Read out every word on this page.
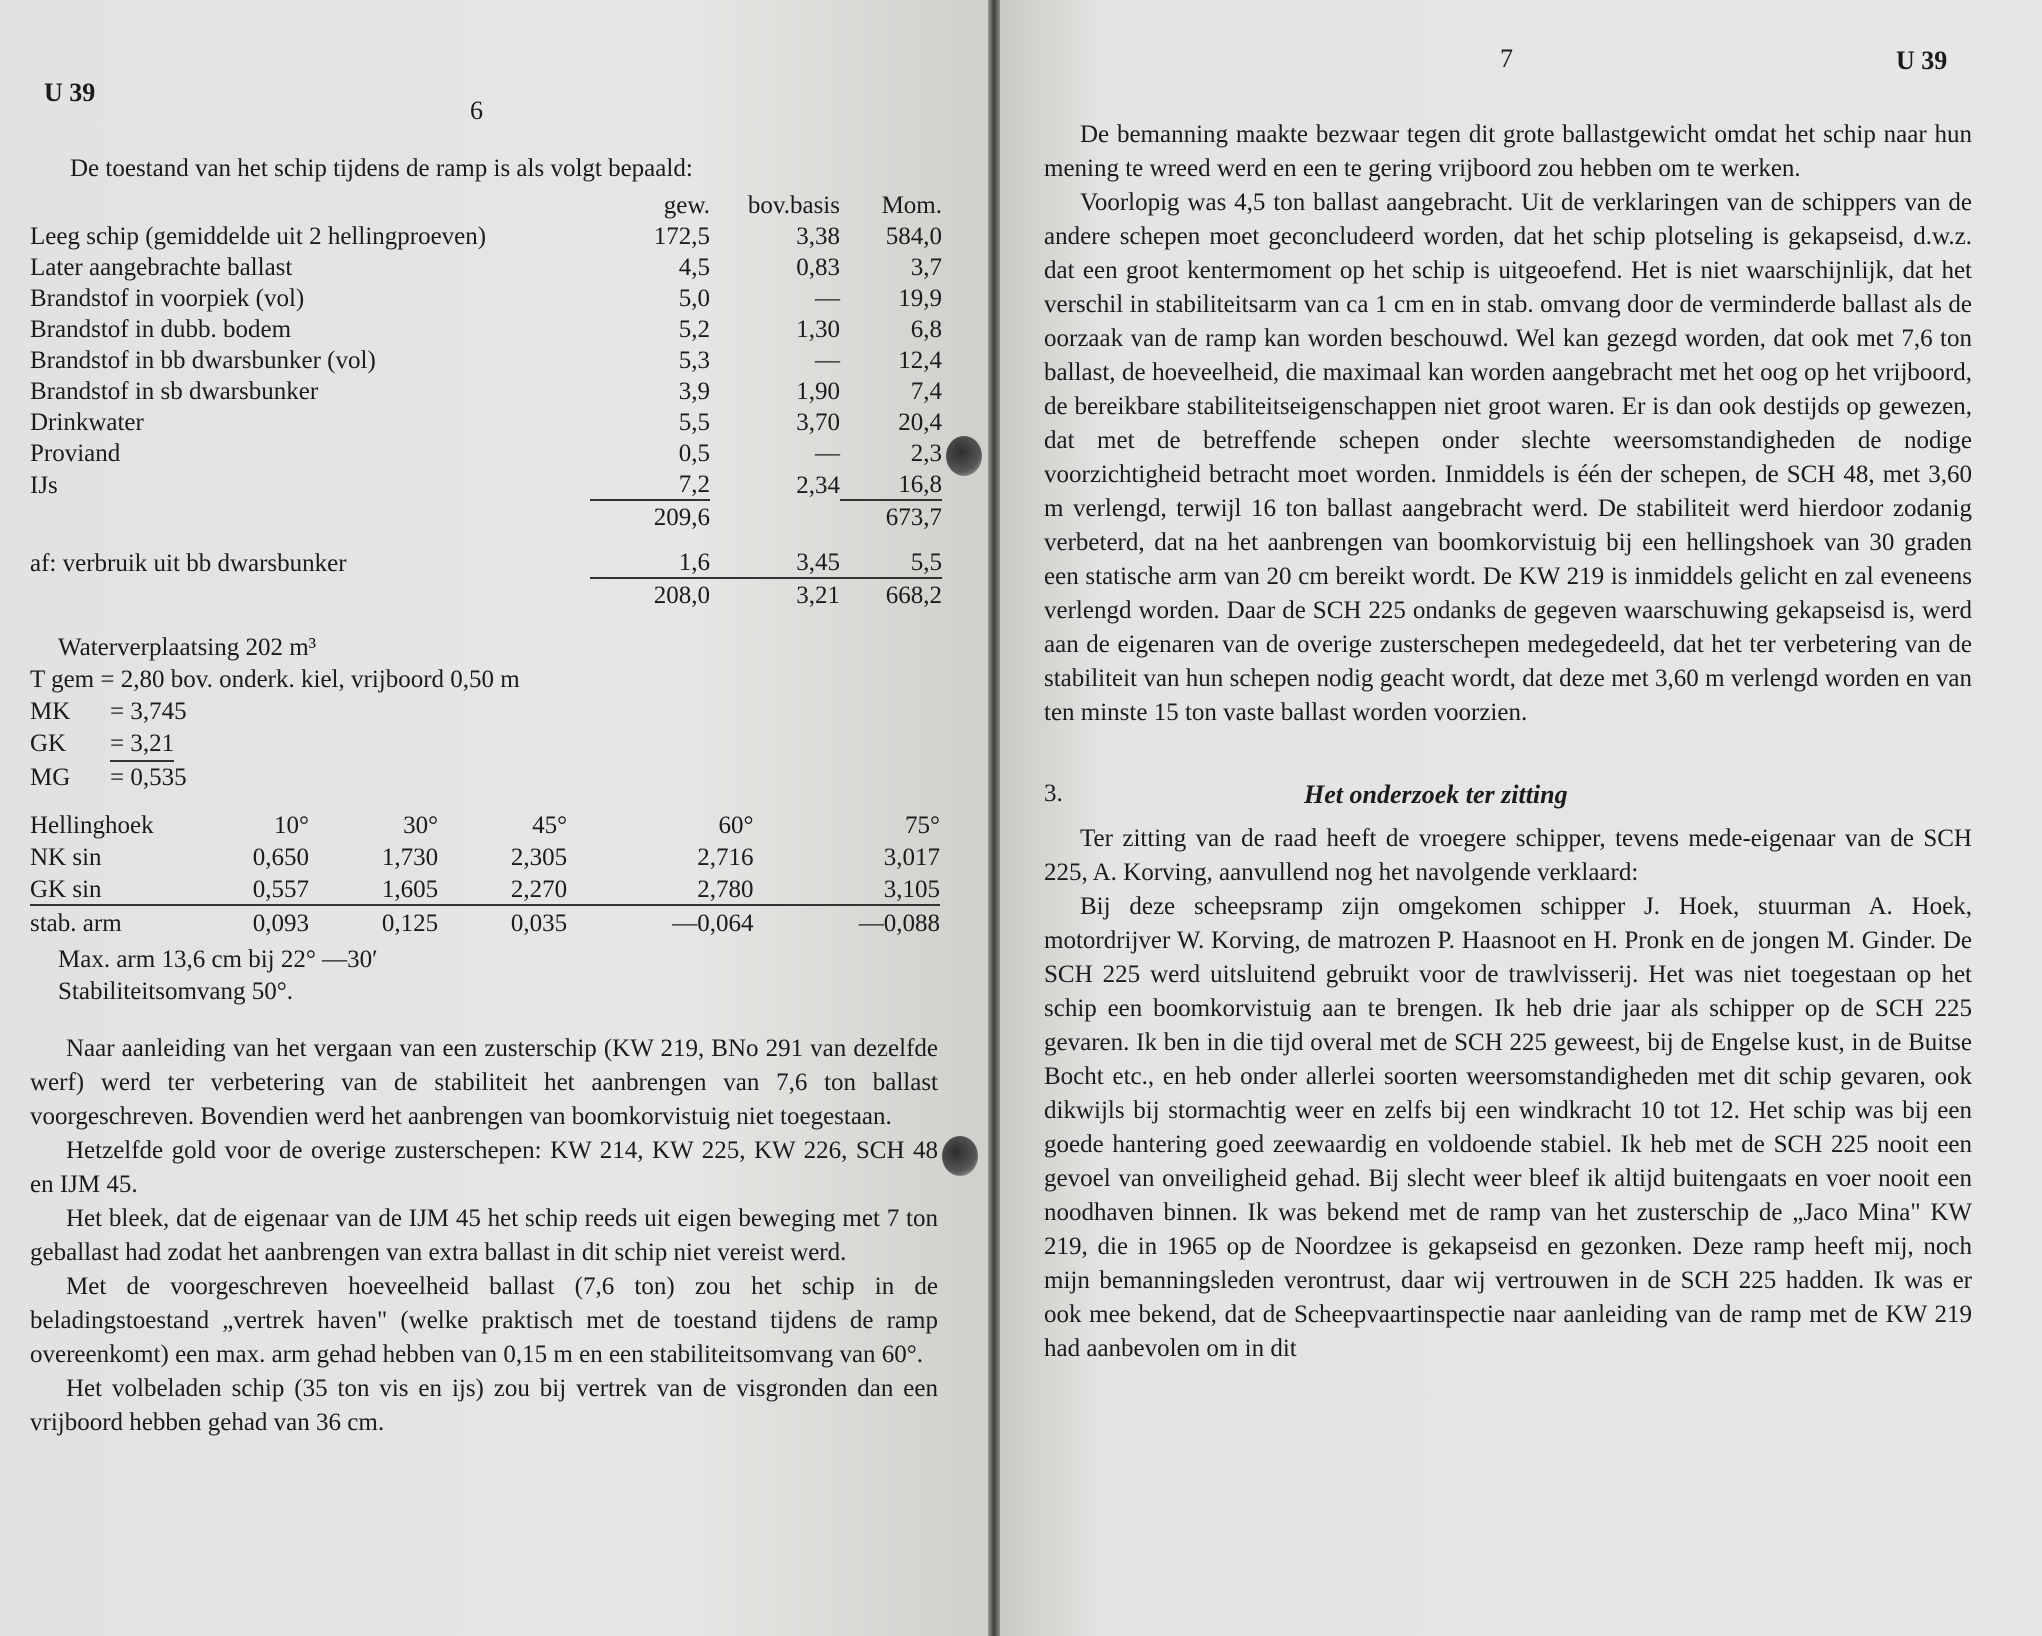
U 39
6

De toestand van het schip tijdens de ramp is als volgt bepaald:

	gew.	bov.basis	Mom.
Leeg schip (gemiddelde uit 2 hellingproeven)	172,5	3,38	584,0
Later aangebrachte ballast	4,5	0,83	3,7
Brandstof in voorpiek (vol)	5,0	—	19,9
Brandstof in dubb. bodem	5,2	1,30	6,8
Brandstof in bb dwarsbunker (vol)	5,3	—	12,4
Brandstof in sb dwarsbunker	3,9	1,90	7,4
Drinkwater	5,5	3,70	20,4
Proviand	0,5	—	2,3
IJs	7,2	2,34	16,8
	209,6		673,7
af: verbruik uit bb dwarsbunker	1,6	3,45	5,5
	208,0	3,21	668,2
Waterverplaatsing 202 m³
T gem = 2,80 bov. onderk. kiel, vrijboord 0,50 m
MK	= 3,745
GK	= 3,21
MG	= 0,535
Hellinghoek	10°	30°	45°	60°	75°
NK sin	0,650	1,730	2,305	2,716	3,017
GK sin	0,557	1,605	2,270	2,780	3,105
stab. arm	0,093	0,125	0,035	—0,064	—0,088
Max. arm 13,6 cm bij 22° —30′
Stabiliteitsomvang 50°.

Naar aanleiding van het vergaan van een zusterschip (KW 219, BNo 291 van dezelfde werf) werd ter verbetering van de stabiliteit het aanbrengen van 7,6 ton ballast voorgeschreven. Bovendien werd het aanbrengen van boomkorvistuig niet toegestaan.

Hetzelfde gold voor de overige zusterschepen: KW 214, KW 225, KW 226, SCH 48 en IJM 45.

Het bleek, dat de eigenaar van de IJM 45 het schip reeds uit eigen beweging met 7 ton geballast had zodat het aanbrengen van extra ballast in dit schip niet vereist werd.

Met de voorgeschreven hoeveelheid ballast (7,6 ton) zou het schip in de beladingstoestand „vertrek haven" (welke praktisch met de toestand tijdens de ramp overeenkomt) een max. arm gehad hebben van 0,15 m en een stabiliteitsomvang van 60°.

Het volbeladen schip (35 ton vis en ijs) zou bij vertrek van de visgronden dan een vrijboord hebben gehad van 36 cm.

7	U 39

De bemanning maakte bezwaar tegen dit grote ballastgewicht omdat het schip naar hun mening te wreed werd en een te gering vrijboord zou hebben om te werken.

Voorlopig was 4,5 ton ballast aangebracht. Uit de verklaringen van de schippers van de andere schepen moet geconcludeerd worden, dat het schip plotseling is gekapseisd, d.w.z. dat een groot kentermoment op het schip is uitgeoefend. Het is niet waarschijnlijk, dat het verschil in stabiliteitsarm van ca 1 cm en in stab. omvang door de verminderde ballast als de oorzaak van de ramp kan worden beschouwd. Wel kan gezegd worden, dat ook met 7,6 ton ballast, de hoeveelheid, die maximaal kan worden aangebracht met het oog op het vrijboord, de bereikbare stabiliteitseigenschappen niet groot waren. Er is dan ook destijds op gewezen, dat met de betreffende schepen onder slechte weersomstandigheden de nodige voorzichtigheid betracht moet worden. Inmiddels is één der schepen, de SCH 48, met 3,60 m verlengd, terwijl 16 ton ballast aangebracht werd. De stabiliteit werd hierdoor zodanig verbeterd, dat na het aanbrengen van boomkorvistuig bij een hellingshoek van 30 graden een statische arm van 20 cm bereikt wordt. De KW 219 is inmiddels gelicht en zal eveneens verlengd worden. Daar de SCH 225 ondanks de gegeven waarschuwing gekapseisd is, werd aan de eigenaren van de overige zusterschepen medegedeeld, dat het ter verbetering van de stabiliteit van hun schepen nodig geacht wordt, dat deze met 3,60 m verlengd worden en van ten minste 15 ton vaste ballast worden voorzien.

3.	Het onderzoek ter zitting

Ter zitting van de raad heeft de vroegere schipper, tevens mede-eigenaar van de SCH 225, A. Korving, aanvullend nog het navolgende verklaard:

Bij deze scheepsramp zijn omgekomen schipper J. Hoek, stuurman A. Hoek, motordrijver W. Korving, de matrozen P. Haasnoot en H. Pronk en de jongen M. Ginder. De SCH 225 werd uitsluitend gebruikt voor de trawlvisserij. Het was niet toegestaan op het schip een boomkorvistuig aan te brengen. Ik heb drie jaar als schipper op de SCH 225 gevaren. Ik ben in die tijd overal met de SCH 225 geweest, bij de Engelse kust, in de Buitse Bocht etc., en heb onder allerlei soorten weersomstandigheden met dit schip gevaren, ook dikwijls bij stormachtig weer en zelfs bij een windkracht 10 tot 12. Het schip was bij een goede hantering goed zeewaardig en voldoende stabiel. Ik heb met de SCH 225 nooit een gevoel van onveiligheid gehad. Bij slecht weer bleef ik altijd buitengaats en voer nooit een noodhaven binnen. Ik was bekend met de ramp van het zusterschip de „Jaco Mina" KW 219, die in 1965 op de Noordzee is gekapseisd en gezonken. Deze ramp heeft mij, noch mijn bemanningsleden verontrust, daar wij vertrouwen in de SCH 225 hadden. Ik was er ook mee bekend, dat de Scheepvaartinspectie naar aanleiding van de ramp met de KW 219 had aanbevolen om in dit
